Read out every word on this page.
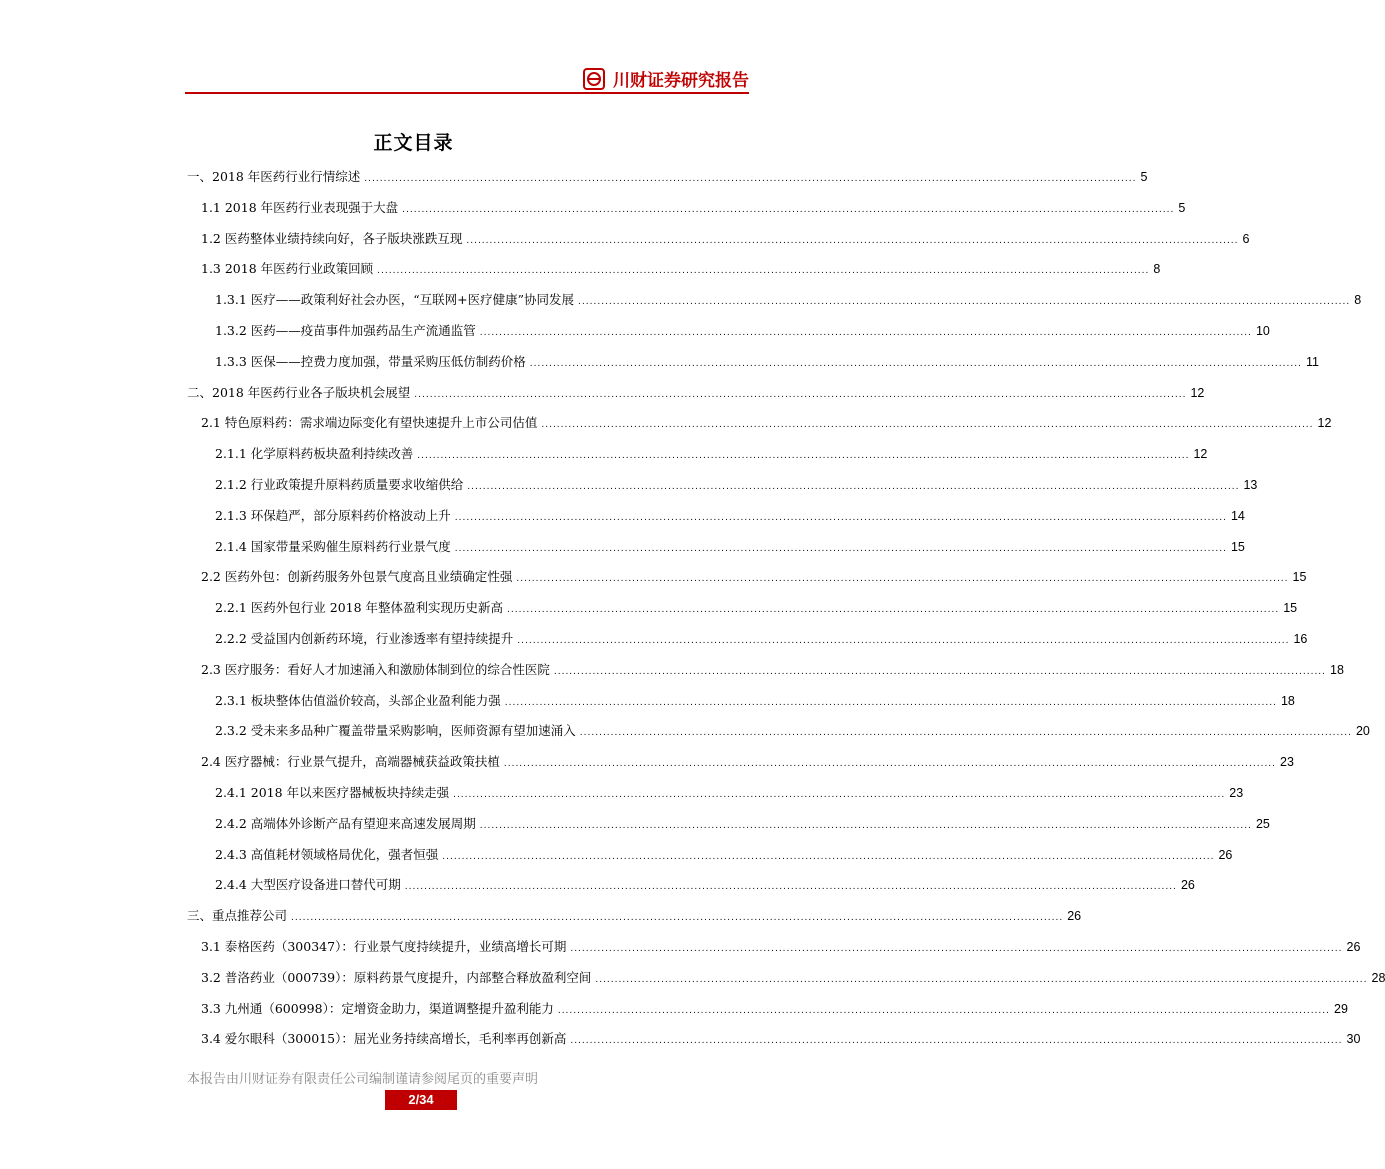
川财证券研究报告
正文目录
一、2018 年医药行业行情综述 ........................................................................................................................................................................................................ 5
1.1 2018 年医药行业表现强于大盘 ........................................................................................................................................................................................................ 5
1.2 医药整体业绩持续向好，各子版块涨跌互现 ........................................................................................................................................................................................................ 6
1.3 2018 年医药行业政策回顾 ........................................................................................................................................................................................................ 8
1.3.1 医疗——政策利好社会办医，“互联网+医疗健康”协同发展 ........................................................................................................................................................................................................ 8
1.3.2 医药——疫苗事件加强药品生产流通监管 ........................................................................................................................................................................................................ 10
1.3.3 医保——控费力度加强，带量采购压低仿制药价格 ........................................................................................................................................................................................................ 11
二、2018 年医药行业各子版块机会展望 ........................................................................................................................................................................................................ 12
2.1 特色原料药：需求端边际变化有望快速提升上市公司估值 ........................................................................................................................................................................................................ 12
2.1.1 化学原料药板块盈利持续改善 ........................................................................................................................................................................................................ 12
2.1.2 行业政策提升原料药质量要求收缩供给 ........................................................................................................................................................................................................ 13
2.1.3 环保趋严，部分原料药价格波动上升 ........................................................................................................................................................................................................ 14
2.1.4 国家带量采购催生原料药行业景气度 ........................................................................................................................................................................................................ 15
2.2 医药外包：创新药服务外包景气度高且业绩确定性强 ........................................................................................................................................................................................................ 15
2.2.1 医药外包行业 2018 年整体盈利实现历史新高 ........................................................................................................................................................................................................ 15
2.2.2 受益国内创新药环境，行业渗透率有望持续提升 ........................................................................................................................................................................................................ 16
2.3 医疗服务：看好人才加速涌入和激励体制到位的综合性医院 ........................................................................................................................................................................................................ 18
2.3.1 板块整体估值溢价较高，头部企业盈利能力强 ........................................................................................................................................................................................................ 18
2.3.2 受未来多品种广覆盖带量采购影响，医师资源有望加速涌入 ........................................................................................................................................................................................................ 20
2.4 医疗器械：行业景气提升，高端器械获益政策扶植 ........................................................................................................................................................................................................ 23
2.4.1 2018 年以来医疗器械板块持续走强 ........................................................................................................................................................................................................ 23
2.4.2 高端体外诊断产品有望迎来高速发展周期 ........................................................................................................................................................................................................ 25
2.4.3 高值耗材领域格局优化，强者恒强 ........................................................................................................................................................................................................ 26
2.4.4 大型医疗设备进口替代可期 ........................................................................................................................................................................................................ 26
三、重点推荐公司 ........................................................................................................................................................................................................ 26
3.1 泰格医药（300347）：行业景气度持续提升，业绩高增长可期 ........................................................................................................................................................................................................ 26
3.2 普洛药业（000739）：原料药景气度提升，内部整合释放盈利空间 ........................................................................................................................................................................................................ 28
3.3 九州通（600998）：定增资金助力，渠道调整提升盈利能力 ........................................................................................................................................................................................................ 29
3.4 爱尔眼科（300015）：屈光业务持续高增长，毛利率再创新高 ........................................................................................................................................................................................................ 30
本报告由川财证券有限责任公司编制谨请参阅尾页的重要声明
2/34
